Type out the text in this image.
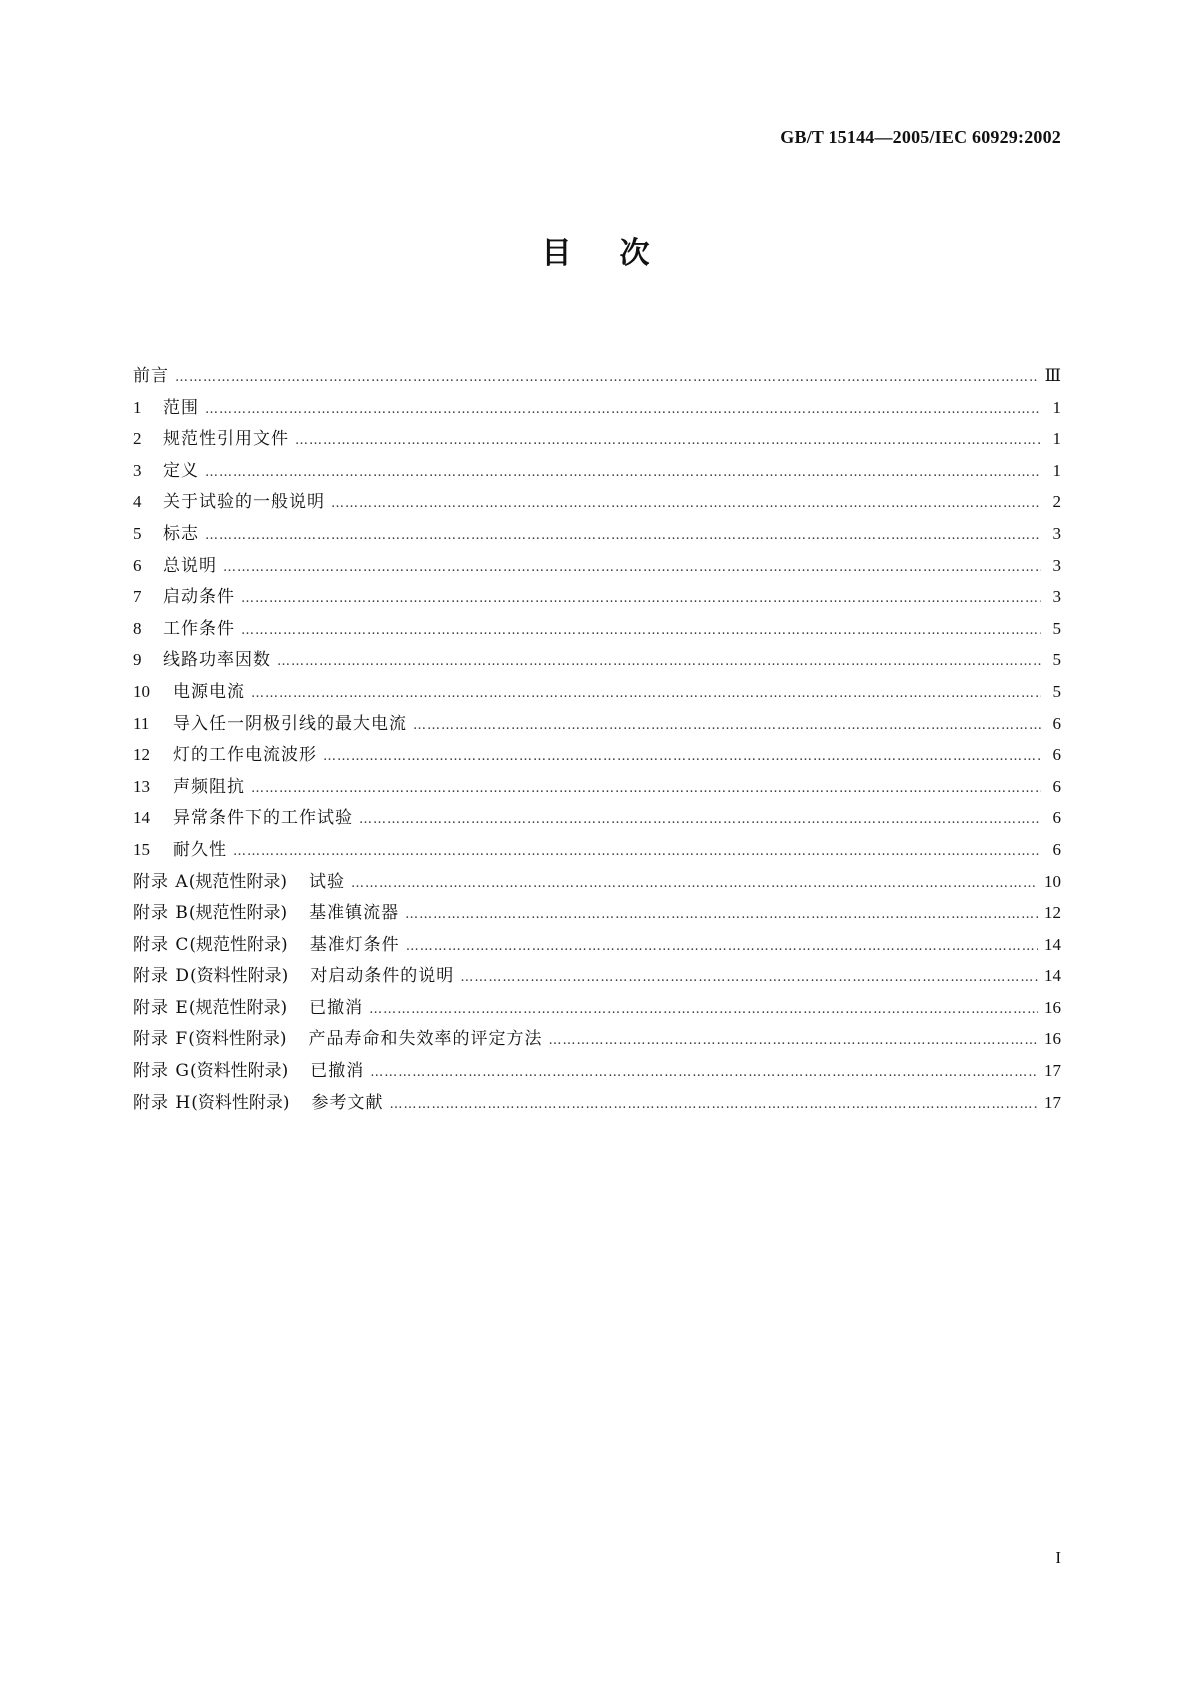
GB/T 15144—2005/IEC 60929:2002
目次
前言 ……………………………………………………………………………………………………………………………………………………………………………………………………………………………………	Ⅲ
1	范围 ……………………………………………………………………………………………………………………………………………………………………………………………………………………………………	1
2	规范性引用文件 ……………………………………………………………………………………………………………………………………………………………………………………………………………………………………	1
3	定义 ……………………………………………………………………………………………………………………………………………………………………………………………………………………………………	1
4	关于试验的一般说明 ……………………………………………………………………………………………………………………………………………………………………………………………………………………………………	2
5	标志 ……………………………………………………………………………………………………………………………………………………………………………………………………………………………………	3
6	总说明 ……………………………………………………………………………………………………………………………………………………………………………………………………………………………………	3
7	启动条件 ……………………………………………………………………………………………………………………………………………………………………………………………………………………………………	3
8	工作条件 ……………………………………………………………………………………………………………………………………………………………………………………………………………………………………	5
9	线路功率因数 ……………………………………………………………………………………………………………………………………………………………………………………………………………………………………	5
10	电源电流 ……………………………………………………………………………………………………………………………………………………………………………………………………………………………………	5
11	导入任一阴极引线的最大电流 ……………………………………………………………………………………………………………………………………………………………………………………………………………………………………	6
12	灯的工作电流波形 ……………………………………………………………………………………………………………………………………………………………………………………………………………………………………	6
13	声频阻抗 ……………………………………………………………………………………………………………………………………………………………………………………………………………………………………	6
14	异常条件下的工作试验 ……………………………………………………………………………………………………………………………………………………………………………………………………………………………………	6
15	耐久性 ……………………………………………………………………………………………………………………………………………………………………………………………………………………………………	6
附录 A (规范性附录) 试验 ……………………………………………………………………………………………………………………………………………………………………………………………………………………………………	10
附录 B (规范性附录) 基准镇流器 ……………………………………………………………………………………………………………………………………………………………………………………………………………………………………	12
附录 C (规范性附录) 基准灯条件 ……………………………………………………………………………………………………………………………………………………………………………………………………………………………………	14
附录 D (资料性附录) 对启动条件的说明 ……………………………………………………………………………………………………………………………………………………………………………………………………………………………………	14
附录 E (规范性附录) 已撤消 ……………………………………………………………………………………………………………………………………………………………………………………………………………………………………	16
附录 F (资料性附录) 产品寿命和失效率的评定方法 ……………………………………………………………………………………………………………………………………………………………………………………………………………………………………	16
附录 G (资料性附录) 已撤消 ……………………………………………………………………………………………………………………………………………………………………………………………………………………………………	17
附录 H (资料性附录) 参考文献 ……………………………………………………………………………………………………………………………………………………………………………………………………………………………………	17
I
